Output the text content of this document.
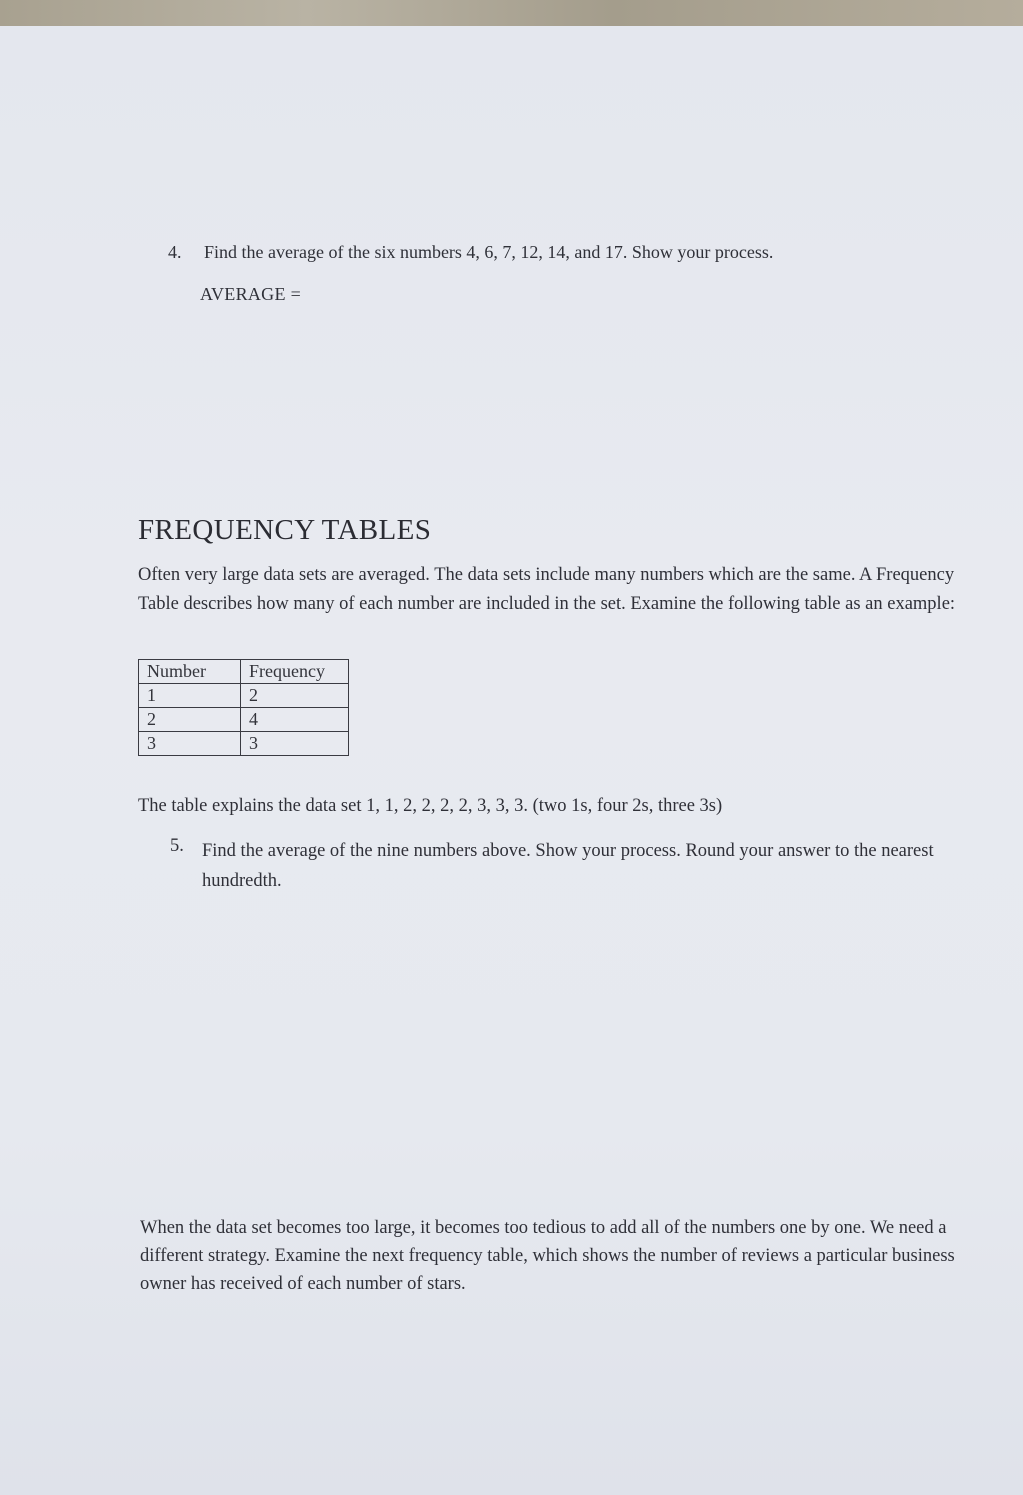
4. Find the average of the six numbers 4, 6, 7, 12, 14, and 17. Show your process.
AVERAGE =
FREQUENCY TABLES
Often very large data sets are averaged. The data sets include many numbers which are the same. A Frequency Table describes how many of each number are included in the set. Examine the following table as an example:
Number	Frequency
1	2
2	4
3	3
The table explains the data set 1, 1, 2, 2, 2, 2, 3, 3, 3. (two 1s, four 2s, three 3s)
5. Find the average of the nine numbers above. Show your process. Round your answer to the nearest hundredth.
When the data set becomes too large, it becomes too tedious to add all of the numbers one by one. We need a different strategy. Examine the next frequency table, which shows the number of reviews a particular business owner has received of each number of stars.
